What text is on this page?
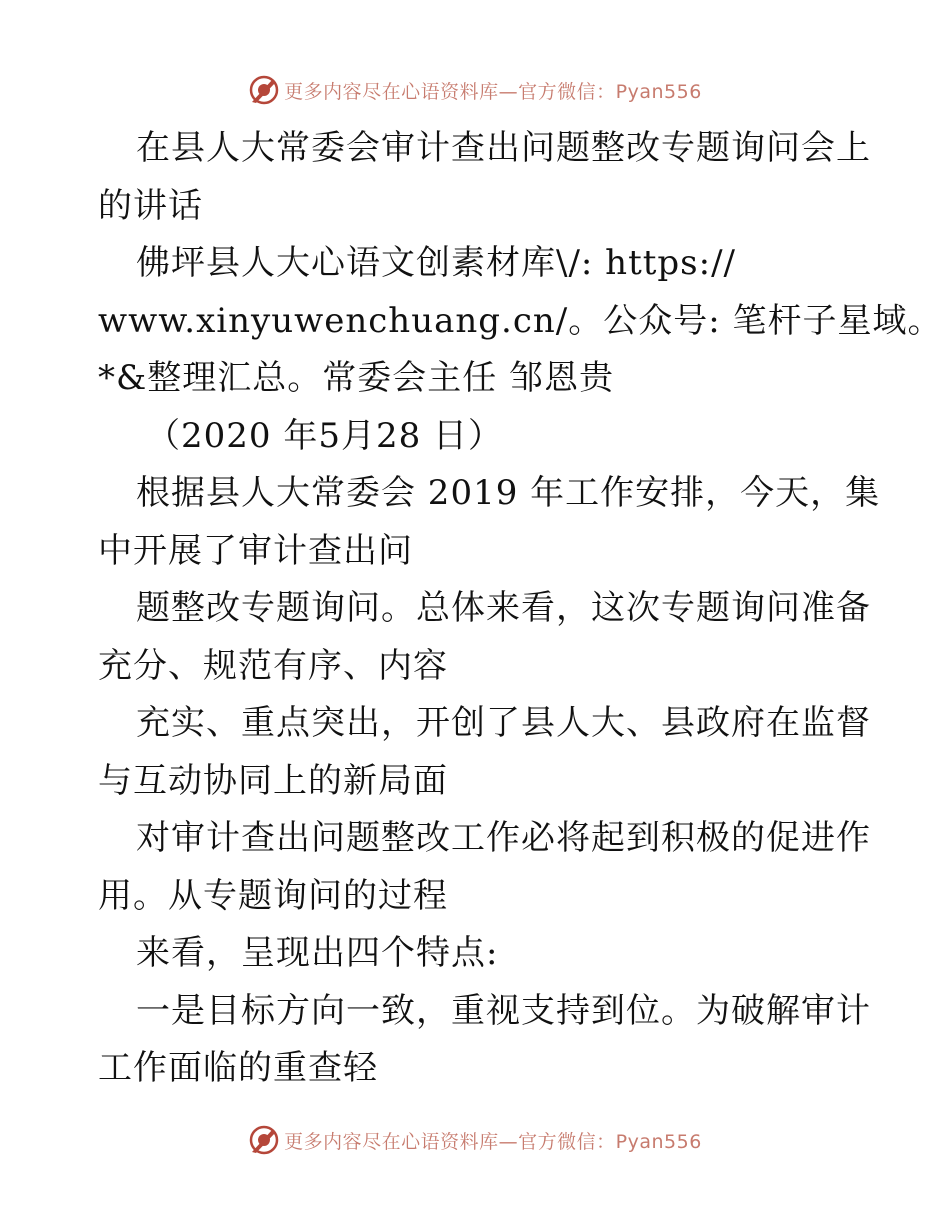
更多内容尽在心语资料库—官方微信：Pyan556
在县人大常委会审计查出问题整改专题询问会上
的讲话
佛坪县人大心语文创素材库\/: https://
www.xinyuwenchuang.cn/。公众号: 笔杆子星域。
*&整理汇总。常委会主任 邹恩贵
（2020 年5月28 日）
根据县人大常委会 2019 年工作安排，今天，集
中开展了审计查出问
题整改专题询问。总体来看，这次专题询问准备
充分、规范有序、内容
充实、重点突出，开创了县人大、县政府在监督
与互动协同上的新局面
对审计查出问题整改工作必将起到积极的促进作
用。从专题询问的过程
来看，呈现出四个特点:
一是目标方向一致，重视支持到位。为破解审计
工作面临的重查轻
更多内容尽在心语资料库—官方微信：Pyan556
